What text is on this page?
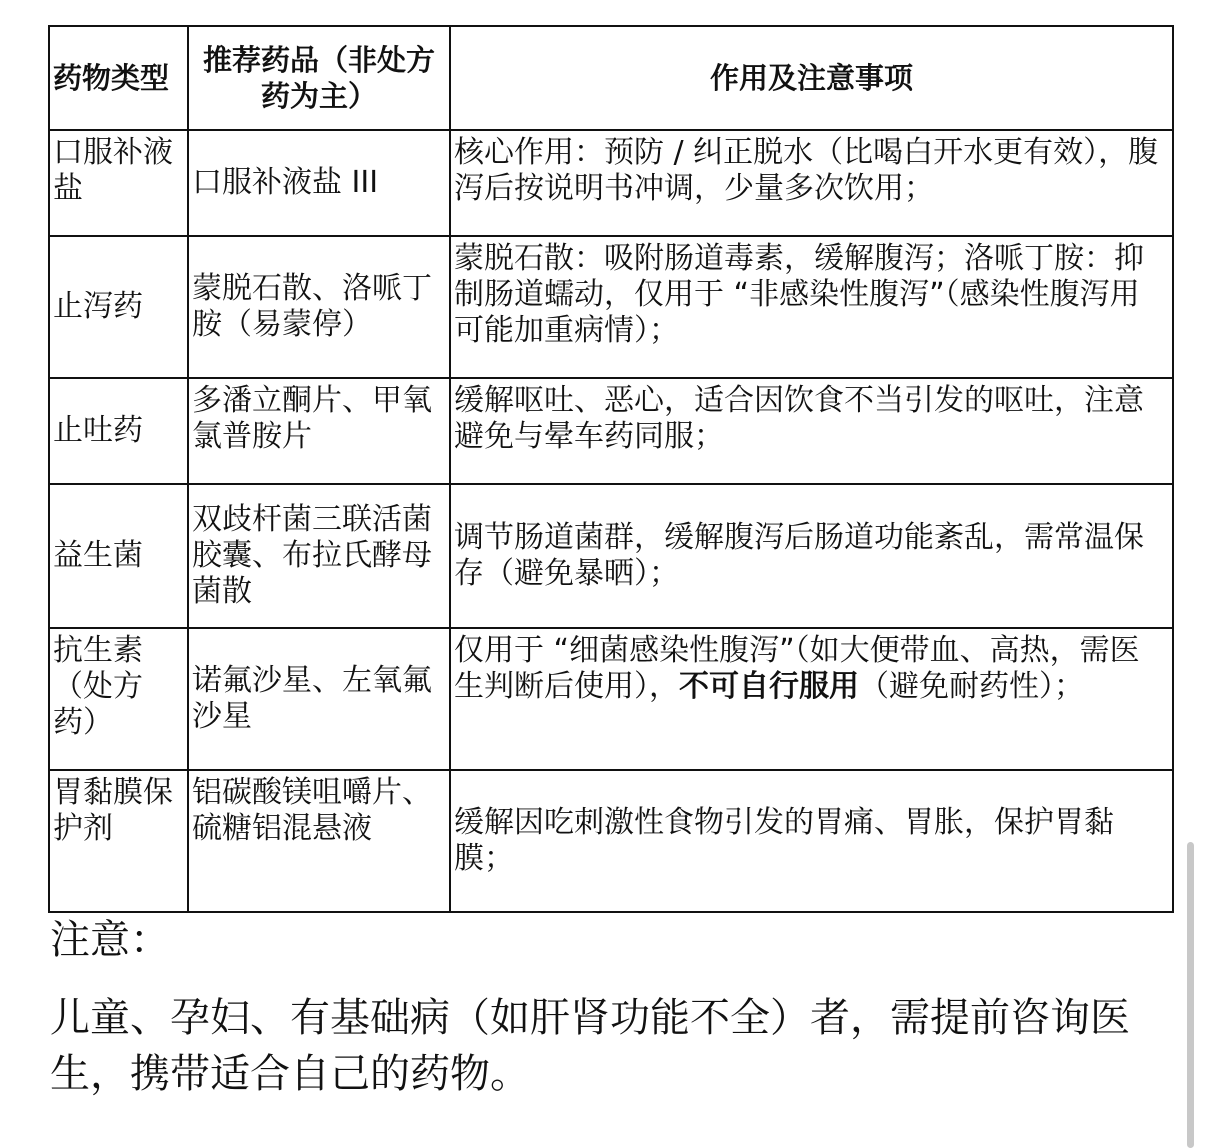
药物类型	推荐药品（非处方药为主）	作用及注意事项
口服补液盐	口服补液盐 III	核心作用：预防 / 纠正脱水（比喝白开水更有效），腹泻后按说明书冲调，少量多次饮用；
止泻药	蒙脱石散、洛哌丁胺（易蒙停）	蒙脱石散：吸附肠道毒素，缓解腹泻；洛哌丁胺：抑制肠道蠕动，仅用于 “非感染性腹泻”（感染性腹泻用可能加重病情）；
止吐药	多潘立酮片、甲氧氯普胺片	缓解呕吐、恶心，适合因饮食不当引发的呕吐，注意避免与晕车药同服；
益生菌	双歧杆菌三联活菌胶囊、布拉氏酵母菌散	调节肠道菌群，缓解腹泻后肠道功能紊乱，需常温保存（避免暴晒）；
抗生素（处方药）	诺氟沙星、左氧氟沙星	仅用于 “细菌感染性腹泻”（如大便带血、高热，需医生判断后使用），不可自行服用（避免耐药性）；
胃黏膜保护剂	铝碳酸镁咀嚼片、硫糖铝混悬液	缓解因吃刺激性食物引发的胃痛、胃胀，保护胃黏膜；
注意：
儿童、孕妇、有基础病（如肝肾功能不全）者，需提前咨询医生，携带适合自己的药物。
